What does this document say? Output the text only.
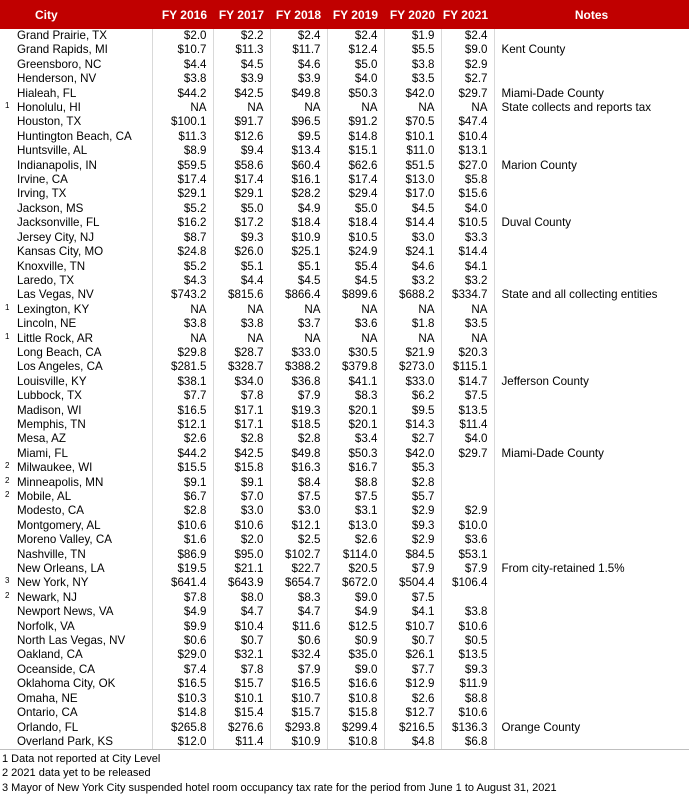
	City	FY 2016	FY 2017	FY 2018	FY 2019	FY 2020	FY 2021	Notes
	Grand Prairie, TX	$2.0	$2.2	$2.4	$2.4	$1.9	$2.4	
	Grand Rapids, MI	$10.7	$11.3	$11.7	$12.4	$5.5	$9.0	Kent County
	Greensboro, NC	$4.4	$4.5	$4.6	$5.0	$3.8	$2.9	
	Henderson, NV	$3.8	$3.9	$3.9	$4.0	$3.5	$2.7	
	Hialeah, FL	$44.2	$42.5	$49.8	$50.3	$42.0	$29.7	Miami-Dade County
1	Honolulu, HI	NA	NA	NA	NA	NA	NA	State collects and reports tax
	Houston, TX	$100.1	$91.7	$96.5	$91.2	$70.5	$47.4	
	Huntington Beach, CA	$11.3	$12.6	$9.5	$14.8	$10.1	$10.4	
	Huntsville, AL	$8.9	$9.4	$13.4	$15.1	$11.0	$13.1	
	Indianapolis, IN	$59.5	$58.6	$60.4	$62.6	$51.5	$27.0	Marion County
	Irvine, CA	$17.4	$17.4	$16.1	$17.4	$13.0	$5.8	
	Irving, TX	$29.1	$29.1	$28.2	$29.4	$17.0	$15.6	
	Jackson, MS	$5.2	$5.0	$4.9	$5.0	$4.5	$4.0	
	Jacksonville, FL	$16.2	$17.2	$18.4	$18.4	$14.4	$10.5	Duval County
	Jersey City, NJ	$8.7	$9.3	$10.9	$10.5	$3.0	$3.3	
	Kansas City, MO	$24.8	$26.0	$25.1	$24.9	$24.1	$14.4	
	Knoxville, TN	$5.2	$5.1	$5.1	$5.4	$4.6	$4.1	
	Laredo, TX	$4.3	$4.4	$4.5	$4.5	$3.2	$3.2	
	Las Vegas, NV	$743.2	$815.6	$866.4	$899.6	$688.2	$334.7	State and all collecting entities
1	Lexington, KY	NA	NA	NA	NA	NA	NA	
	Lincoln, NE	$3.8	$3.8	$3.7	$3.6	$1.8	$3.5	
1	Little Rock, AR	NA	NA	NA	NA	NA	NA	
	Long Beach, CA	$29.8	$28.7	$33.0	$30.5	$21.9	$20.3	
	Los Angeles, CA	$281.5	$328.7	$388.2	$379.8	$273.0	$115.1	
	Louisville, KY	$38.1	$34.0	$36.8	$41.1	$33.0	$14.7	Jefferson County
	Lubbock, TX	$7.7	$7.8	$7.9	$8.3	$6.2	$7.5	
	Madison, WI	$16.5	$17.1	$19.3	$20.1	$9.5	$13.5	
	Memphis, TN	$12.1	$17.1	$18.5	$20.1	$14.3	$11.4	
	Mesa, AZ	$2.6	$2.8	$2.8	$3.4	$2.7	$4.0	
	Miami, FL	$44.2	$42.5	$49.8	$50.3	$42.0	$29.7	Miami-Dade County
2	Milwaukee, WI	$15.5	$15.8	$16.3	$16.7	$5.3		
2	Minneapolis, MN	$9.1	$9.1	$8.4	$8.8	$2.8		
2	Mobile, AL	$6.7	$7.0	$7.5	$7.5	$5.7		
	Modesto, CA	$2.8	$3.0	$3.0	$3.1	$2.9	$2.9	
	Montgomery, AL	$10.6	$10.6	$12.1	$13.0	$9.3	$10.0	
	Moreno Valley, CA	$1.6	$2.0	$2.5	$2.6	$2.9	$3.6	
	Nashville, TN	$86.9	$95.0	$102.7	$114.0	$84.5	$53.1	
	New Orleans, LA	$19.5	$21.1	$22.7	$20.5	$7.9	$7.9	From city-retained 1.5%
3	New York, NY	$641.4	$643.9	$654.7	$672.0	$504.4	$106.4	
2	Newark, NJ	$7.8	$8.0	$8.3	$9.0	$7.5		
	Newport News, VA	$4.9	$4.7	$4.7	$4.9	$4.1	$3.8	
	Norfolk, VA	$9.9	$10.4	$11.6	$12.5	$10.7	$10.6	
	North Las Vegas, NV	$0.6	$0.7	$0.6	$0.9	$0.7	$0.5	
	Oakland, CA	$29.0	$32.1	$32.4	$35.0	$26.1	$13.5	
	Oceanside, CA	$7.4	$7.8	$7.9	$9.0	$7.7	$9.3	
	Oklahoma City, OK	$16.5	$15.7	$16.5	$16.6	$12.9	$11.9	
	Omaha, NE	$10.3	$10.1	$10.7	$10.8	$2.6	$8.8	
	Ontario, CA	$14.8	$15.4	$15.7	$15.8	$12.7	$10.6	
	Orlando, FL	$265.8	$276.6	$293.8	$299.4	$216.5	$136.3	Orange County
	Overland Park, KS	$12.0	$11.4	$10.9	$10.8	$4.8	$6.8	
1 Data not reported at City Level
2 2021 data yet to be released
3 Mayor of New York City suspended hotel room occupancy tax rate for the period from June 1 to August 31, 2021
